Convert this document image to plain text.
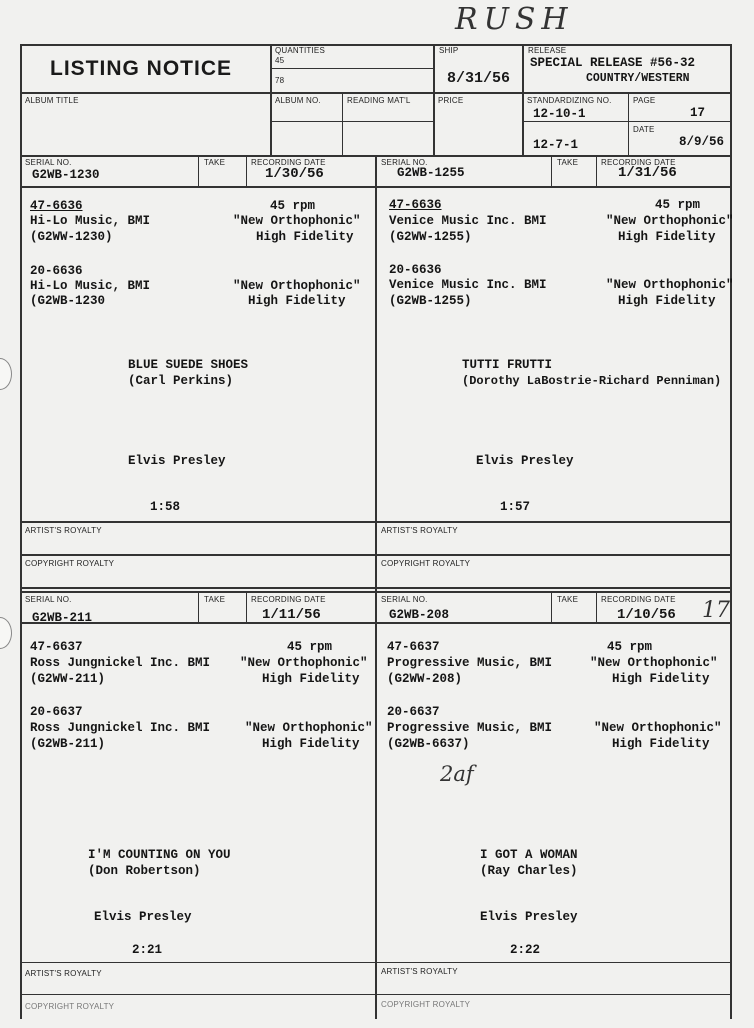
RUSH
LISTING NOTICE
QUANTITIES
45
78
SHIP
8/31/56
RELEASE
SPECIAL RELEASE #56-32
COUNTRY/WESTERN
ALBUM TITLE	ALBUM NO.	READING MAT'L	PRICE	STANDARDIZING NO.
12-10-1
12-7-1
PAGE
17
DATE
8/9/56
ARTIST'S ROYALTY	ARTIST'S ROYALTY
COPYRIGHT ROYALTY	COPYRIGHT ROYALTY
ARTIST'S ROYALTY	ARTIST'S ROYALTY
COPYRIGHT ROYALTY	COPYRIGHT ROYALTY
SERIAL NO.	TAKE	RECORDING DATE
G2WB-1230	1/30/56
47-6636	45 rpm
Hi-Lo Music, BMI	"New Orthophonic"
(G2WW-1230)	High Fidelity
20-6636
Hi-Lo Music, BMI	"New Orthophonic"
(G2WB-1230	High Fidelity
BLUE SUEDE SHOES
(Carl Perkins)
Elvis Presley
1:58
SERIAL NO.	TAKE	RECORDING DATE
G2WB-1255	1/31/56
47-6636	45 rpm
Venice Music Inc. BMI	"New Orthophonic"
(G2WW-1255)	High Fidelity
20-6636
Venice Music Inc. BMI	"New Orthophonic"
(G2WB-1255)	High Fidelity
TUTTI FRUTTI
(Dorothy LaBostrie-Richard Penniman)
Elvis Presley
1:57
SERIAL NO.	TAKE	RECORDING DATE
G2WB-211	1/11/56
47-6637	45 rpm
Ross Jungnickel Inc. BMI "New Orthophonic"
(G2WW-211)	High Fidelity
20-6637
Ross Jungnickel Inc. BMI	"New Orthophonic"
(G2WB-211)	High Fidelity
I'M COUNTING ON YOU
(Don Robertson)
Elvis Presley
2:21
SERIAL NO.	TAKE	RECORDING DATE
G2WB-208	1/10/56 17
47-6637	45 rpm
Progressive Music, BMI	"New Orthophonic"
(G2WW-208)	High Fidelity
20-6637
Progressive Music, BMI	"New Orthophonic"
(G2WB-6637)	High Fidelity
2af
I GOT A WOMAN
(Ray Charles)
Elvis Presley
2:22
